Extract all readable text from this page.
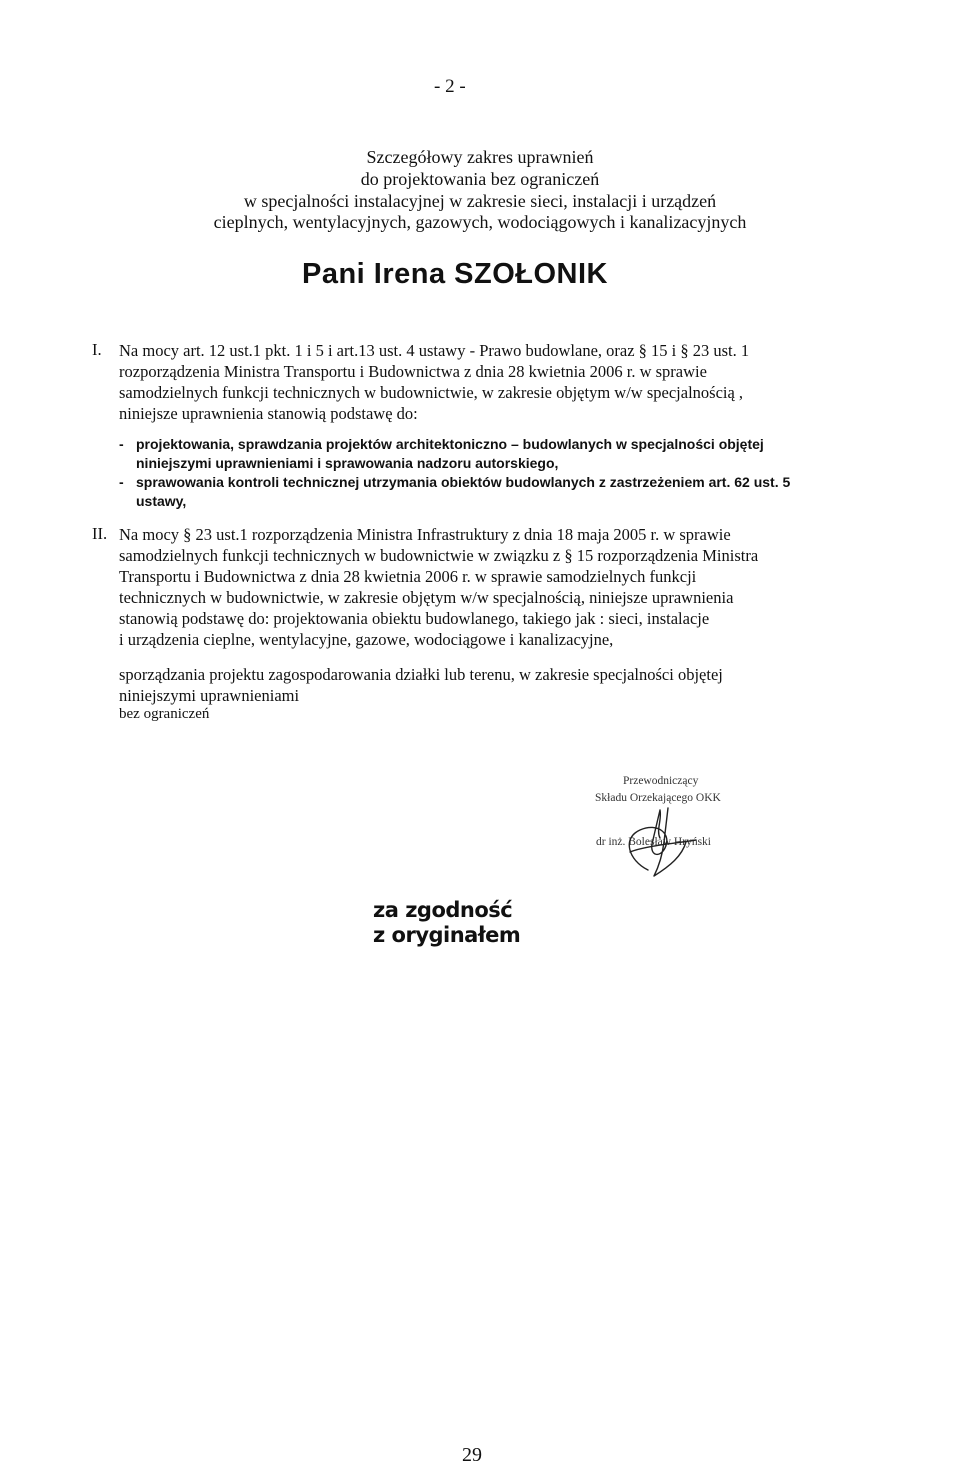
- 2 -
Szczegółowy zakres uprawnień
do projektowania bez ograniczeń
w specjalności instalacyjnej w zakresie sieci, instalacji i urządzeń
cieplnych, wentylacyjnych, gazowych, wodociągowych i kanalizacyjnych
Pani Irena SZOŁONIK
I. Na mocy art. 12 ust.1 pkt. 1 i 5 i art.13 ust. 4 ustawy - Prawo budowlane, oraz § 15 i § 23 ust. 1
rozporządzenia Ministra Transportu i Budownictwa z dnia 28 kwietnia 2006 r. w sprawie
samodzielnych funkcji technicznych w budownictwie, w zakresie objętym w/w specjalnością ,
niniejsze uprawnienia stanowią podstawę do:
- projektowania, sprawdzania projektów architektoniczno – budowlanych w specjalności objętej
niniejszymi uprawnieniami i sprawowania nadzoru autorskiego,
- sprawowania kontroli technicznej utrzymania obiektów budowlanych z zastrzeżeniem art. 62 ust. 5
ustawy,
II. Na mocy § 23 ust.1 rozporządzenia Ministra Infrastruktury z dnia 18 maja 2005 r. w sprawie
samodzielnych funkcji technicznych w budownictwie w związku z § 15 rozporządzenia Ministra
Transportu i Budownictwa z dnia 28 kwietnia 2006 r. w sprawie samodzielnych funkcji
technicznych w budownictwie, w zakresie objętym w/w specjalnością, niniejsze uprawnienia
stanowią podstawę do: projektowania obiektu budowlanego, takiego jak : sieci, instalacje
i urządzenia cieplne, wentylacyjne, gazowe, wodociągowe i kanalizacyjne,
sporządzania projektu zagospodarowania działki lub terenu, w zakresie specjalności objętej
niniejszymi uprawnieniami
bez ograniczeń
Przewodniczący
Składu Orzekającego OKK
dr inż. Bolesław Hryński
za zgodność
z oryginałem
29
